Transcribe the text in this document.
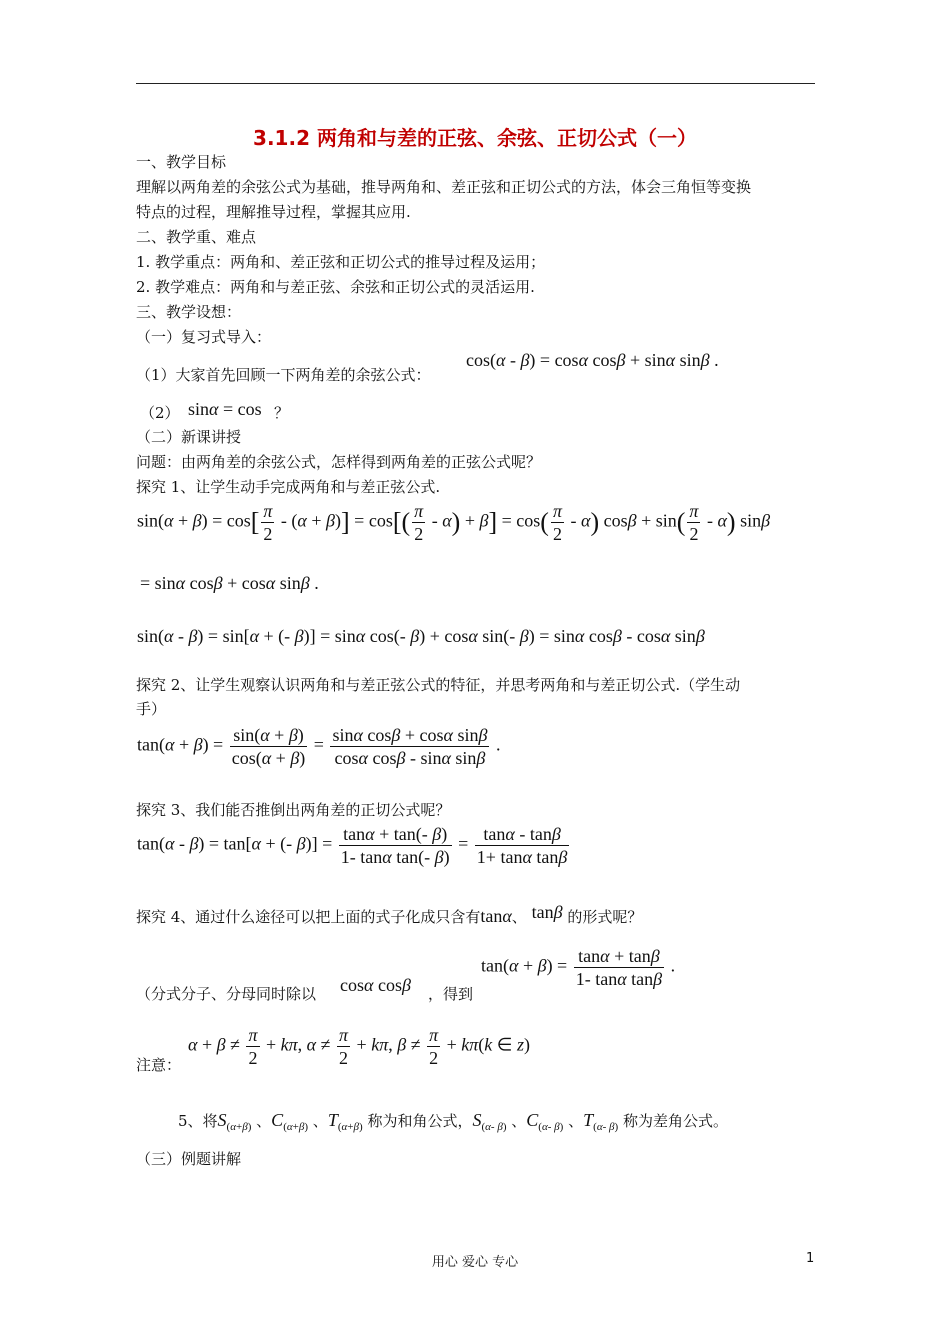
3.1.2 两角和与差的正弦、余弦、正切公式（一）
一、教学目标
理解以两角差的余弦公式为基础，推导两角和、差正弦和正切公式的方法，体会三角恒等变换
特点的过程，理解推导过程，掌握其应用.
二、教学重、难点
1. 教学重点：两角和、差正弦和正切公式的推导过程及运用；
2. 教学难点：两角和与差正弦、余弦和正切公式的灵活运用.
三、教学设想：
（一）复习式导入：
（1）大家首先回顾一下两角差的余弦公式：
cos(α - β) = cosα cosβ + sinα sinβ .
（2） sinα = cos ？
（二）新课讲授
问题：由两角差的余弦公式，怎样得到两角差的正弦公式呢？
探究 1、让学生动手完成两角和与差正弦公式.
$\sin(\alpha + \beta) = \cos[ \frac{\pi}{2} - (\alpha + \beta)] = \cos[( \frac{\pi}{2} - \alpha) + \beta] = \cos( \frac{\pi}{2} - \alpha) \cos\beta + \sin( \frac{\pi}{2} - \alpha)$ sinβ
= sinα cosβ + cosα sinβ .
sin(α - β) = sin[α + (- β)] = sinα cos(- β) + cosα sin(- β) = sinα cosβ - cosα sinβ
探究 2、让学生观察认识两角和与差正弦公式的特征，并思考两角和与差正切公式.（学生动
手）
$\tan(\alpha + \beta) = \frac{\sin(\alpha + \beta)}{\cos(\alpha + \beta)} = \frac{\text{sinα cosβ + cosα sinβ}}{\text{cosα cosβ - sinα sinβ}}$ .
探究 3、我们能否推倒出两角差的正切公式呢？
tan(α - β) = tan[α + (- $\beta)] = \frac{\tan\alpha + \tan(- \beta)}{\text{1- tanα tan(- β)}} = \frac{\tan\alpha - \tan\beta}{\text{1+ tanα tanβ}}$
探究 4、通过什么途径可以把上面的式子化成只含有tanα、 tanβ 的形式呢？
（分式分子、分母同时除以 cosα cosβ ，得到
$\tan(\alpha + \beta) = \frac{\tan\alpha + \tan\beta}{\text{1- tanα tanβ}}$ .
$\alpha + \beta \ne \frac{\pi}{2} + k\pi$, $\alpha \ne \frac{\pi}{2} + k\pi$, $\beta \ne \frac{\pi}{2} + k\pi(k$ ∈ z)
注意：
5、将$S_{(\alpha+\beta)}$ 、$C_{(\alpha+\beta)}$ 、$T_{(\alpha+\beta)}$ 称为和角公式，$S_{(\alpha- \beta)}$ 、$C_{(\alpha- \beta)}$ 、$T_{(\alpha- \beta)}$ 称为差角公式。
（三）例题讲解
用心 爱心 专心	1
